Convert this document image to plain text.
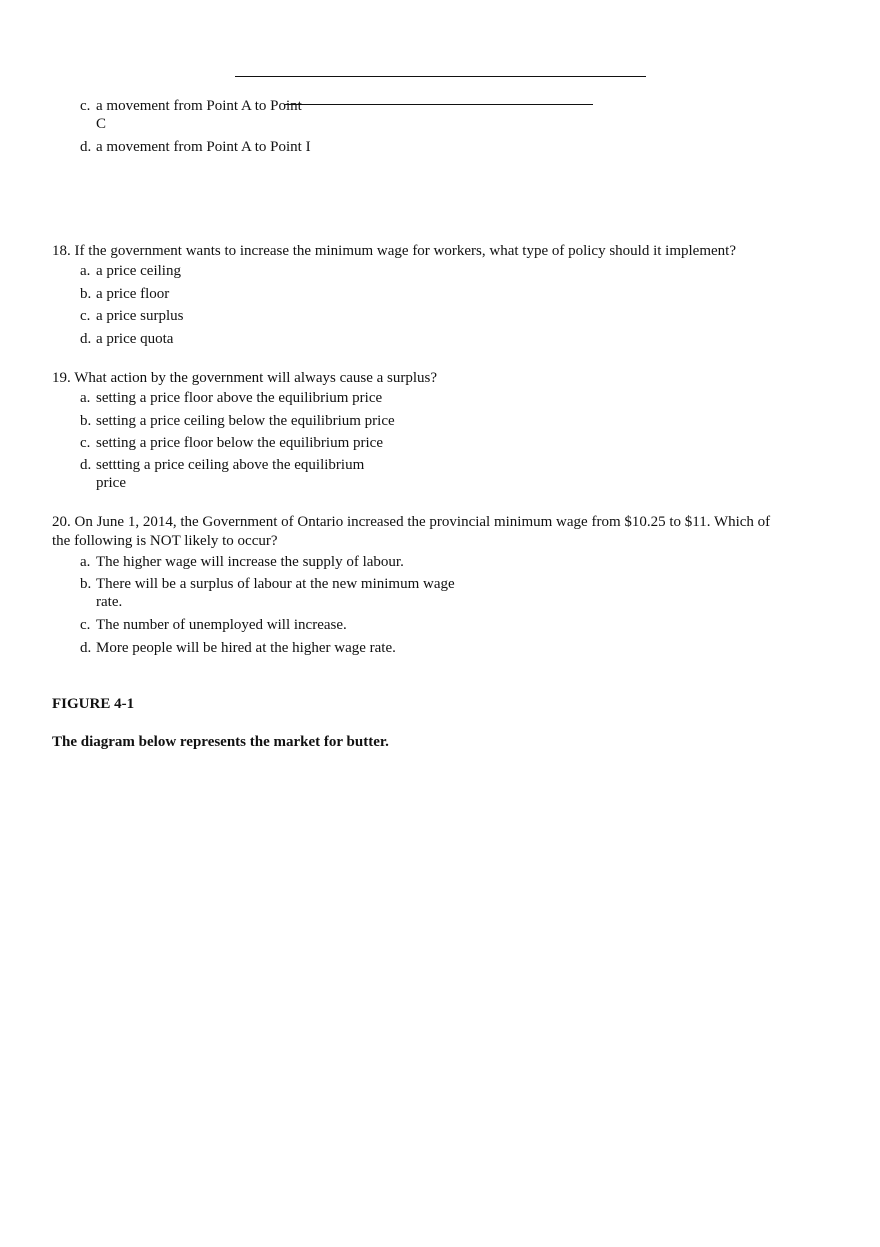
c. a movement from Point A to Point
C
d. a movement from Point A to Point I
18. If the government wants to increase the minimum wage for workers, what type of policy should it implement?
a. a price ceiling
b. a price floor
c. a price surplus
d. a price quota
19. What action by the government will always cause a surplus?
a. setting a price floor above the equilibrium price
b. setting a price ceiling below the equilibrium price
c. setting a price floor below the equilibrium price
d. settting a price ceiling above the equilibrium
price
20. On June 1, 2014, the Government of Ontario increased the provincial minimum wage from $10.25 to $11. Which of
the following is NOT likely to occur?
a. The higher wage will increase the supply of labour.
b. There will be a surplus of labour at the new minimum wage
rate.
c. The number of unemployed will increase.
d. More people will be hired at the higher wage rate.
FIGURE 4-1
The diagram below represents the market for butter.
